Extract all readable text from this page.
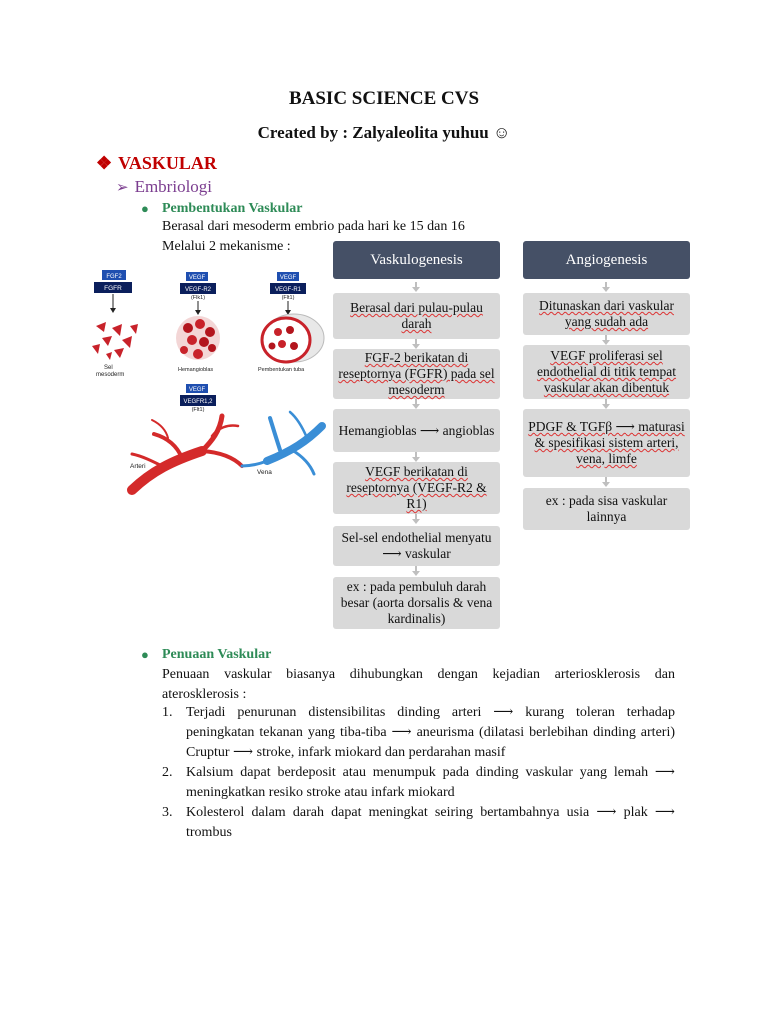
BASIC SCIENCE CVS
Created by : Zalyaleolita yuhuu ☺
❖ VASKULAR
➢ Embriologi
● Pembentukan Vaskular
Berasal dari mesoderm embrio pada hari ke 15 dan 16
Melalui 2 mekanisme :
FGF2
FGFR
Sel
mesoderm
VEGF
VEGF-R2
(Flk1)
Hemangioblas
VEGF
VEGF-R1
(Flt1)
Pembentukan tuba
VEGF
VEGFR1,2
(Flt1)
Arteri
Vena
Vaskulogenesis
Berasal dari pulau-pulau darah
FGF-2 berikatan di reseptornya (FGFR) pada sel mesoderm
Hemangioblas ⟶ angioblas
VEGF berikatan di reseptornya (VEGF-R2 & R1)
Sel-sel endothelial menyatu ⟶ vaskular
ex : pada pembuluh darah besar (aorta dorsalis & vena kardinalis)
Angiogenesis
Ditunaskan dari vaskular yang sudah ada
VEGF proliferasi sel endothelial di titik tempat vaskular akan dibentuk
PDGF & TGFβ ⟶ maturasi & spesifikasi sistem arteri, vena, limfe
ex : pada sisa vaskular lainnya
● Penuaan Vaskular
Penuaan vaskular biasanya dihubungkan dengan kejadian arteriosklerosis dan aterosklerosis :
1. Terjadi penurunan distensibilitas dinding arteri ⟶ kurang toleran terhadap peningkatan tekanan yang tiba-tiba ⟶ aneurisma (dilatasi berlebihan dinding arteri) Cruptur ⟶ stroke, infark miokard dan perdarahan masif
2. Kalsium dapat berdeposit atau menumpuk pada dinding vaskular yang lemah ⟶ meningkatkan resiko stroke atau infark miokard
3. Kolesterol dalam darah dapat meningkat seiring bertambahnya usia ⟶ plak ⟶ trombus
